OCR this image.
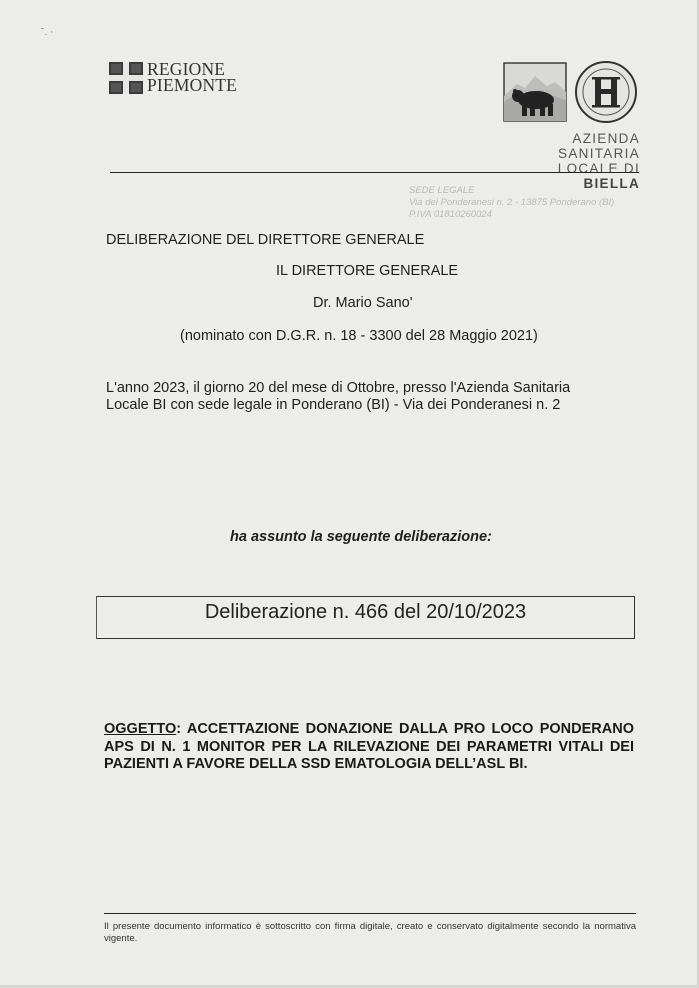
˜. ·
REGIONE
PIEMONTE
AZIENDA SANITARIA
LOCALE DI BIELLA
SEDE LEGALE
Via dei Ponderanesi n. 2 - 13875 Ponderano (BI)
P.IVA 01810260024
DELIBERAZIONE DEL DIRETTORE GENERALE
IL DIRETTORE GENERALE
Dr. Mario Sano'
(nominato con D.G.R. n. 18 - 3300 del 28 Maggio 2021)
L'anno 2023, il giorno 20 del mese di Ottobre, presso l'Azienda Sanitaria
Locale BI con sede legale in Ponderano (BI) - Via dei Ponderanesi n. 2
ha assunto la seguente deliberazione:
Deliberazione n. 466 del 20/10/2023
OGGETTO: ACCETTAZIONE DONAZIONE DALLA PRO LOCO PONDERANO APS DI N. 1 MONITOR PER LA RILEVAZIONE DEI PARAMETRI VITALI DEI PAZIENTI A FAVORE DELLA SSD EMATOLOGIA DELL’ASL BI.
Il presente documento informatico è sottoscritto con firma digitale, creato e conservato digitalmente secondo la normativa vigente.
